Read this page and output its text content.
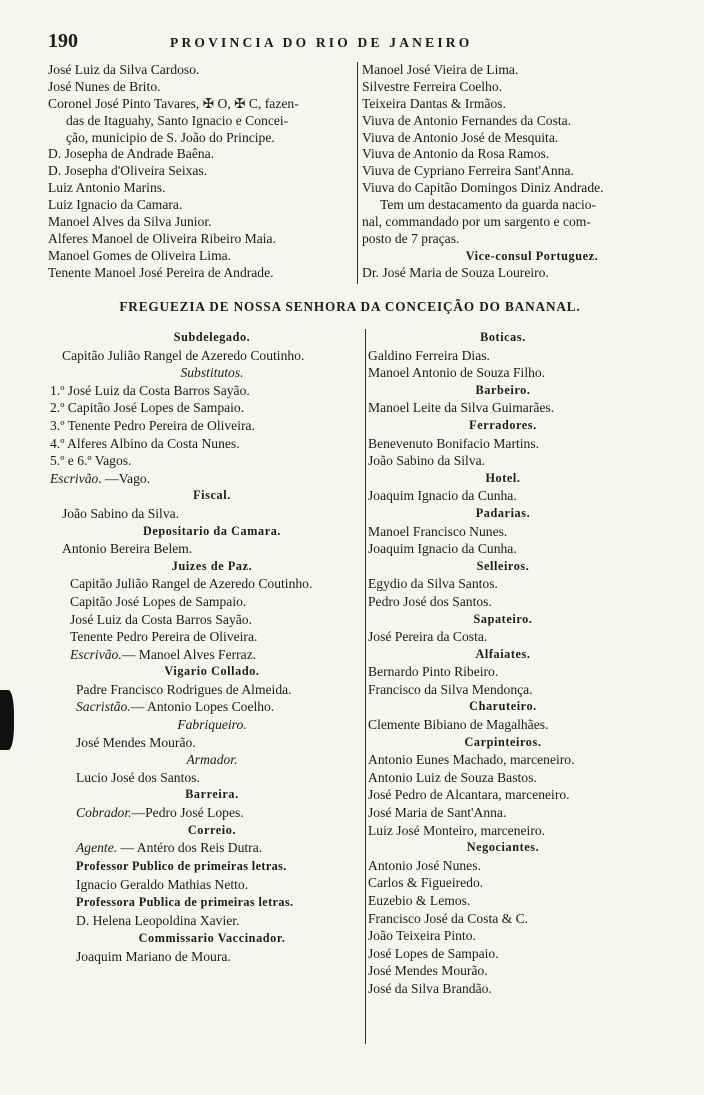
190	PROVINCIA DO RIO DE JANEIRO
José Luiz da Silva Cardoso.
José Nunes de Brito.
Coronel José Pinto Tavares, ✠ O, ✠ C, fazen-
das de Itaguahy, Santo Ignacio e Concei-
ção, municipio de S. João do Principe.
D. Josepha de Andrade Baêna.
D. Josepha d'Oliveira Seixas.
Luiz Antonio Marins.
Luiz Ignacio da Camara.
Manoel Alves da Silva Junior.
Alferes Manoel de Oliveira Ribeiro Maia.
Manoel Gomes de Oliveira Lima.
Tenente Manoel José Pereira de Andrade.
Manoel José Vieira de Lima.
Silvestre Ferreira Coelho.
Teixeira Dantas & Irmãos.
Viuva de Antonio Fernandes da Costa.
Viuva de Antonio José de Mesquita.
Viuva de Antonio da Rosa Ramos.
Viuva de Cypriano Ferreira Sant'Anna.
Viuva do Capitão Domingos Diniz Andrade.
Tem um destacamento da guarda nacio-
nal, commandado por um sargento e com-
posto de 7 praças.
Vice-consul Portuguez.
Dr. José Maria de Souza Loureiro.
FREGUEZIA DE NOSSA SENHORA DA CONCEIÇÃO DO BANANAL.
Subdelegado.
Capitão Julião Rangel de Azeredo Coutinho.
Substitutos.
1.º José Luiz da Costa Barros Sayão.
2.º Capitão José Lopes de Sampaio.
3.º Tenente Pedro Pereira de Oliveira.
4.º Alferes Albino da Costa Nunes.
5.º e 6.º Vagos.
Escrivão. —Vago.
Fiscal.
João Sabino da Silva.
Depositario da Camara.
Antonio Bereira Belem.
Juizes de Paz.
Capitão Julião Rangel de Azeredo Coutinho.
Capitão José Lopes de Sampaio.
José Luiz da Costa Barros Sayão.
Tenente Pedro Pereira de Oliveira.
Escrivão.— Manoel Alves Ferraz.
Vigario Collado.
Padre Francisco Rodrigues de Almeida.
Sacristão.— Antonio Lopes Coelho.
Fabriqueiro.
José Mendes Mourão.
Armador.
Lucio José dos Santos.
Barreira.
Cobrador.—Pedro José Lopes.
Correio.
Agente. — Antéro dos Reis Dutra.
Professor Publico de primeiras letras.
Ignacio Geraldo Mathias Netto.
Professora Publica de primeiras letras.
D. Helena Leopoldina Xavier.
Commissario Vaccinador.
Joaquim Mariano de Moura.
Boticas.
Galdino Ferreira Dias.
Manoel Antonio de Souza Filho.
Barbeiro.
Manoel Leite da Silva Guimarães.
Ferradores.
Benevenuto Bonifacio Martins.
João Sabino da Silva.
Hotel.
Joaquim Ignacio da Cunha.
Padarias.
Manoel Francisco Nunes.
Joaquim Ignacio da Cunha.
Selleiros.
Egydio da Silva Santos.
Pedro José dos Santos.
Sapateiro.
José Pereira da Costa.
Alfaiates.
Bernardo Pinto Ribeiro.
Francisco da Silva Mendonça.
Charuteiro.
Clemente Bibiano de Magalhães.
Carpinteiros.
Antonio Eunes Machado, marceneiro.
Antonio Luiz de Souza Bastos.
José Pedro de Alcantara, marceneiro.
José Maria de Sant'Anna.
Luiz José Monteiro, marceneiro.
Negociantes.
Antonio José Nunes.
Carlos & Figueiredo.
Euzebio & Lemos.
Francisco José da Costa & C.
João Teixeira Pinto.
José Lopes de Sampaio.
José Mendes Mourão.
José da Silva Brandão.
